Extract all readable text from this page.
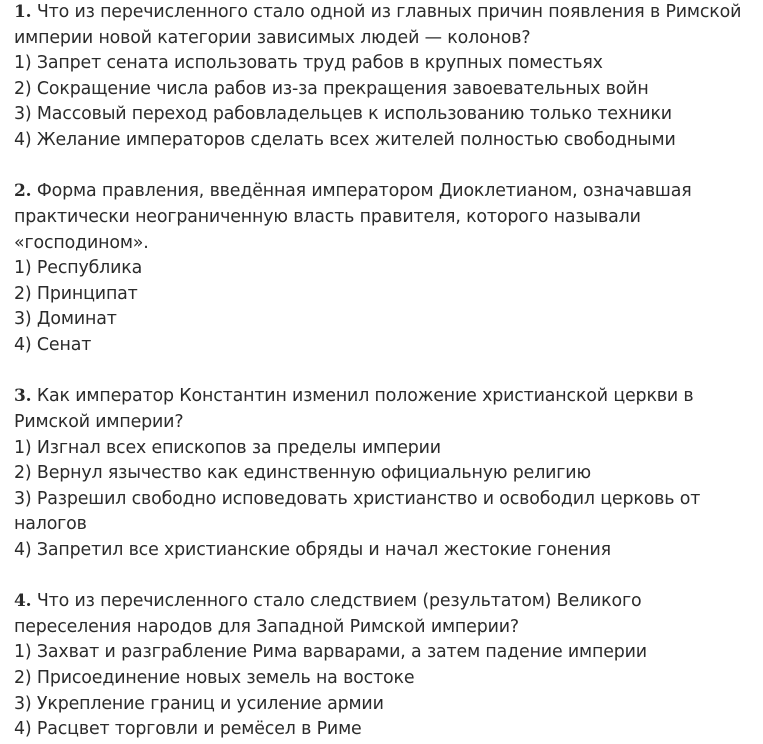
1. Что из перечисленного стало одной из главных причин появления в Римской империи новой категории зависимых людей — колонов?
1) Запрет сената использовать труд рабов в крупных поместьях
2) Сокращение числа рабов из-за прекращения завоевательных войн
3) Массовый переход рабовладельцев к использованию только техники
4) Желание императоров сделать всех жителей полностью свободными
2. Форма правления, введённая императором Диоклетианом, означавшая практически неограниченную власть правителя, которого называли «господином».
1) Республика
2) Принципат
3) Доминат
4) Сенат
3. Как император Константин изменил положение христианской церкви в Римской империи?
1) Изгнал всех епископов за пределы империи
2) Вернул язычество как единственную официальную религию
3) Разрешил свободно исповедовать христианство и освободил церковь от налогов
4) Запретил все христианские обряды и начал жестокие гонения
4. Что из перечисленного стало следствием (результатом) Великого переселения народов для Западной Римской империи?
1) Захват и разграбление Рима варварами, а затем падение империи
2) Присоединение новых земель на востоке
3) Укрепление границ и усиление армии
4) Расцвет торговли и ремёсел в Риме
